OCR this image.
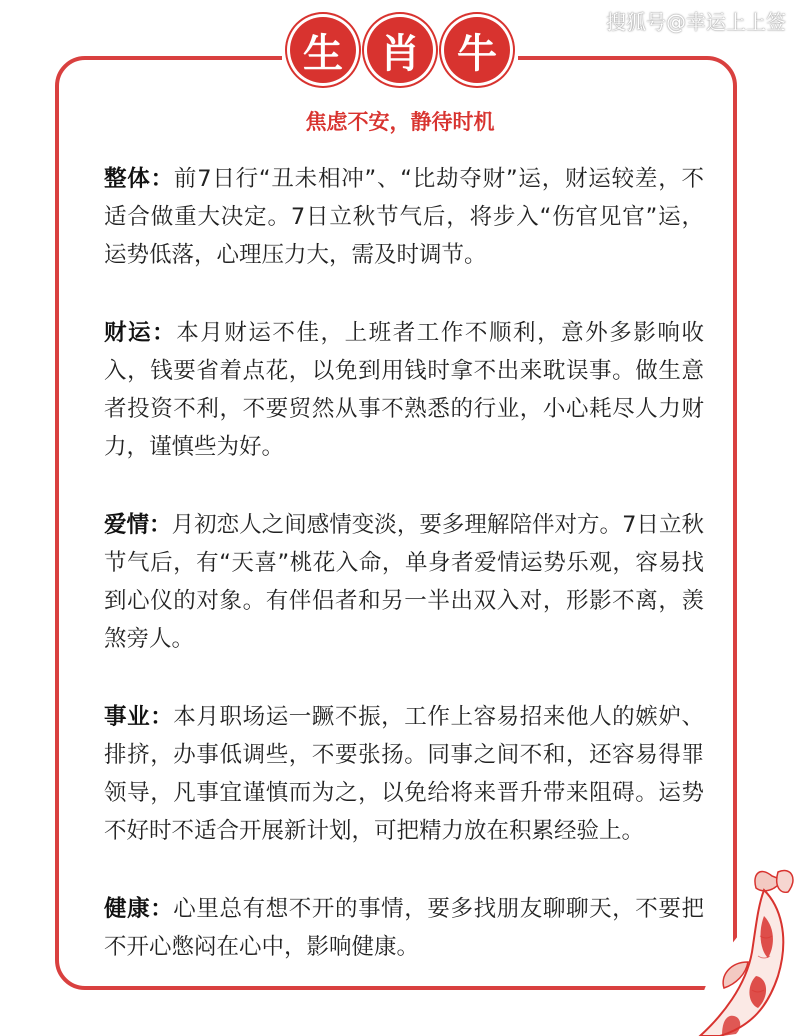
搜狐号@幸运上上签
生 肖 牛
焦虑不安，静待时机
整体：前7日行“丑未相冲”、“比劫夺财”运，财运较差，不适合做重大决定。7日立秋节气后，将步入“伤官见官”运，运势低落，心理压力大，需及时调节。
财运：本月财运不佳，上班者工作不顺利，意外多影响收入，钱要省着点花，以免到用钱时拿不出来耽误事。做生意者投资不利，不要贸然从事不熟悉的行业，小心耗尽人力财力，谨慎些为好。
爱情：月初恋人之间感情变淡，要多理解陪伴对方。7日立秋节气后，有“天喜”桃花入命，单身者爱情运势乐观，容易找到心仪的对象。有伴侣者和另一半出双入对，形影不离，羡煞旁人。
事业：本月职场运一蹶不振，工作上容易招来他人的嫉妒、排挤，办事低调些，不要张扬。同事之间不和，还容易得罪领导，凡事宜谨慎而为之，以免给将来晋升带来阻碍。运势不好时不适合开展新计划，可把精力放在积累经验上。
健康：心里总有想不开的事情，要多找朋友聊聊天，不要把不开心憋闷在心中，影响健康。
